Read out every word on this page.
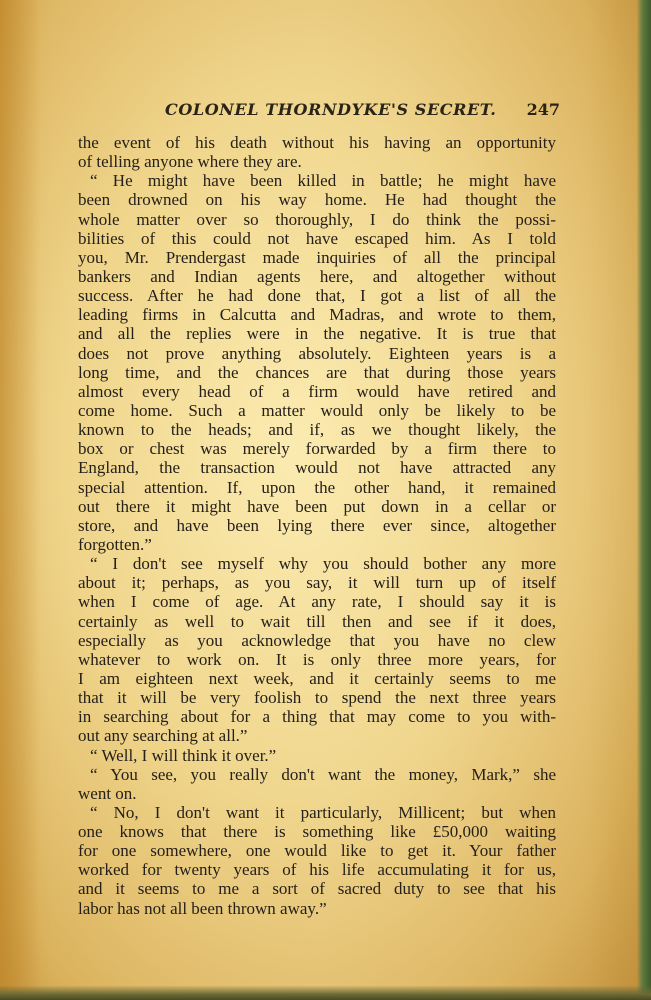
COLONEL THORNDYKE'S SECRET. 247
the event of his death without his having an opportunity
of telling anyone where they are.
“ He might have been killed in battle; he might have
been drowned on his way home. He had thought the
whole matter over so thoroughly, I do think the possi-
bilities of this could not have escaped him. As I told
you, Mr. Prendergast made inquiries of all the principal
bankers and Indian agents here, and altogether without
success. After he had done that, I got a list of all the
leading firms in Calcutta and Madras, and wrote to them,
and all the replies were in the negative. It is true that
does not prove anything absolutely. Eighteen years is a
long time, and the chances are that during those years
almost every head of a firm would have retired and
come home. Such a matter would only be likely to be
known to the heads; and if, as we thought likely, the
box or chest was merely forwarded by a firm there to
England, the transaction would not have attracted any
special attention. If, upon the other hand, it remained
out there it might have been put down in a cellar or
store, and have been lying there ever since, altogether
forgotten.”
“ I don't see myself why you should bother any more
about it; perhaps, as you say, it will turn up of itself
when I come of age. At any rate, I should say it is
certainly as well to wait till then and see if it does,
especially as you acknowledge that you have no clew
whatever to work on. It is only three more years, for
I am eighteen next week, and it certainly seems to me
that it will be very foolish to spend the next three years
in searching about for a thing that may come to you with-
out any searching at all.”
“ Well, I will think it over.”
“ You see, you really don't want the money, Mark,” she
went on.
“ No, I don't want it particularly, Millicent; but when
one knows that there is something like £50,000 waiting
for one somewhere, one would like to get it. Your father
worked for twenty years of his life accumulating it for us,
and it seems to me a sort of sacred duty to see that his
labor has not all been thrown away.”
